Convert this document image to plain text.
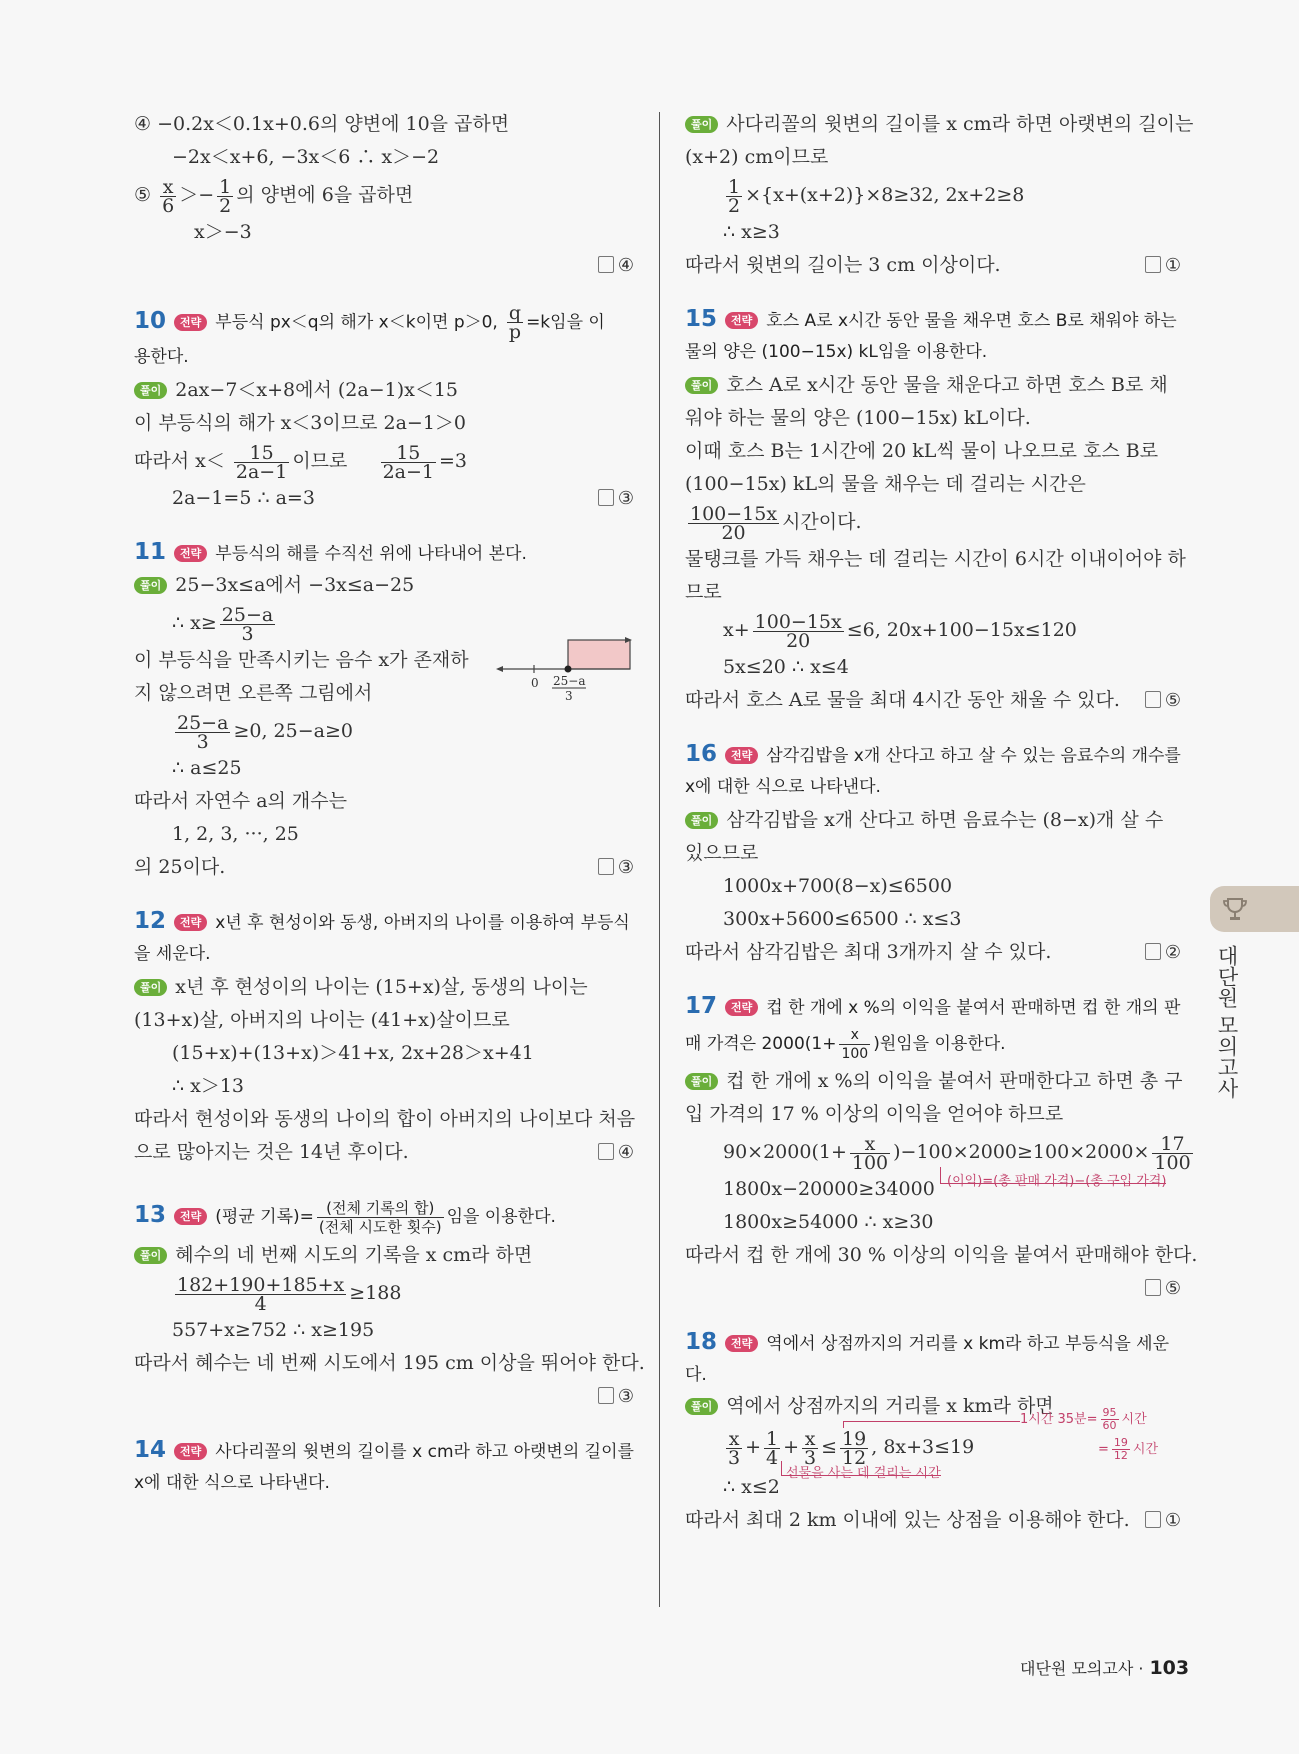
④ −0.2x＜0.1x+0.6의 양변에 10을 곱하면
−2x＜x+6, −3x＜6 ∴ x＞−2
⑤ $\frac{x}{6} >- \frac{1}{2}$ 의 양변에 6을 곱하면
x＞−3
④
10 전략 부등식 px＜q의 해가 x＜k이면 p＞0, $\frac{q}{p} =k$임을 이
용한다.
풀이 2ax−7＜x+8에서 (2a−1)x＜15
이 부등식의 해가 x＜3이므로 2a−1＞0
따라서 $x< \frac{15}{2a-1}$ 이므로 $\frac{15}{2a-1} =3$
2a−1=5 ∴ a=3	③
11 전략 부등식의 해를 수직선 위에 나타내어 본다.
풀이 25−3x≤a에서 −3x≤a−25
∴ $x\ge \frac{25-a}{3}$
이 부등식을 만족시키는 음수 x가 존재하
지 않으려면 오른쪽 그림에서	0 25−a
3
$\frac{25-a}{3} \ge 0$, 25−a≥0
∴ a≤25
따라서 자연수 a의 개수는
1, 2, 3, ···, 25
의 25이다.	③
12 전략 x년 후 현성이와 동생, 아버지의 나이를 이용하여 부등식
을 세운다.
풀이 x년 후 현성이의 나이는 (15+x)살, 동생의 나이는
(13+x)살, 아버지의 나이는 (41+x)살이므로
(15+x)+(13+x)＞41+x, 2x+28＞x+41
∴ x＞13
따라서 현성이와 동생의 나이의 합이 아버지의 나이보다 처음
으로 많아지는 것은 14년 후이다.	④
13 전략 (평균 기록)= (전체 기록의 합)
(전체 시도한 횟수) 임을 이용한다.
풀이 혜수의 네 번째 시도의 기록을 x cm라 하면
$\frac{182+190+185+x}{4} \ge 188$
557+x≥752 ∴ x≥195
따라서 혜수는 네 번째 시도에서 195 cm 이상을 뛰어야 한다.
③
14 전략 사다리꼴의 윗변의 길이를 x cm라 하고 아랫변의 길이를
x에 대한 식으로 나타낸다.
풀이 사다리꼴의 윗변의 길이를 x cm라 하면 아랫변의 길이는
(x+2) cm이므로
$\frac{1}{2} \times\{x+(x+2)\}\times 8\ge 32$, 2x+2≥8
∴ x≥3
따라서 윗변의 길이는 3 cm 이상이다.	①
15 전략 호스 A로 x시간 동안 물을 채우면 호스 B로 채워야 하는
물의 양은 (100−15x) kL임을 이용한다.
풀이 호스 A로 x시간 동안 물을 채운다고 하면 호스 B로 채
워야 하는 물의 양은 (100−15x) kL이다.
이때 호스 B는 1시간에 20 kL씩 물이 나오므로 호스 B로
(100−15x) kL의 물을 채우는 데 걸리는 시간은
$\frac{100-15x}{20}$ 시간이다.
물탱크를 가득 채우는 데 걸리는 시간이 6시간 이내이어야 하
므로
$x+ \frac{100-15x}{20} \le 6$, 20x+100−15x≤120
5x≤20 ∴ x≤4
따라서 호스 A로 물을 최대 4시간 동안 채울 수 있다.	⑤
16 전략 삼각김밥을 x개 산다고 하고 살 수 있는 음료수의 개수를
x에 대한 식으로 나타낸다.
풀이 삼각김밥을 x개 산다고 하면 음료수는 (8−x)개 살 수
있으므로
1000x+700(8−x)≤6500
300x+5600≤6500 ∴ x≤3
따라서 삼각김밥은 최대 3개까지 살 수 있다.	②
17 전략 컵 한 개에 x %의 이익을 붙여서 판매하면 컵 한 개의 판
매 가격은 $2000(1+ \frac{x}{100}$ )원임을 이용한다.
풀이 컵 한 개에 x %의 이익을 붙여서 판매한다고 하면 총 구
입 가격의 17 % 이상의 이익을 얻어야 하므로
$90\times 2000(1+ \frac{x}{100} )-100\times 2000\ge 100\times 2000\times \frac{17}{100}$
1800x−20000≥34000 (이익)=(총 판매 가격)−(총 구입 가격)
1800x≥54000 ∴ x≥30
따라서 컵 한 개에 30 % 이상의 이익을 붙여서 판매해야 한다.
⑤
18 전략 역에서 상점까지의 거리를 x km라 하고 부등식을 세운다.
풀이 역에서 상점까지의 거리를 x km라 하면
$\frac{x}{3} + \frac{1}{4} + \frac{x}{3} \le \frac{19}{12}$ , 8x+3≤19
1시간 35분= $\frac{95}{60}$ 시간
= $\frac{19}{12}$ 시간
∴ x≤2
선물을 사는 데 걸리는 시간
따라서 최대 2 km 이내에 있는 상점을 이용해야 한다.	①
대단원 모의고사
대단원 모의고사 · 103
